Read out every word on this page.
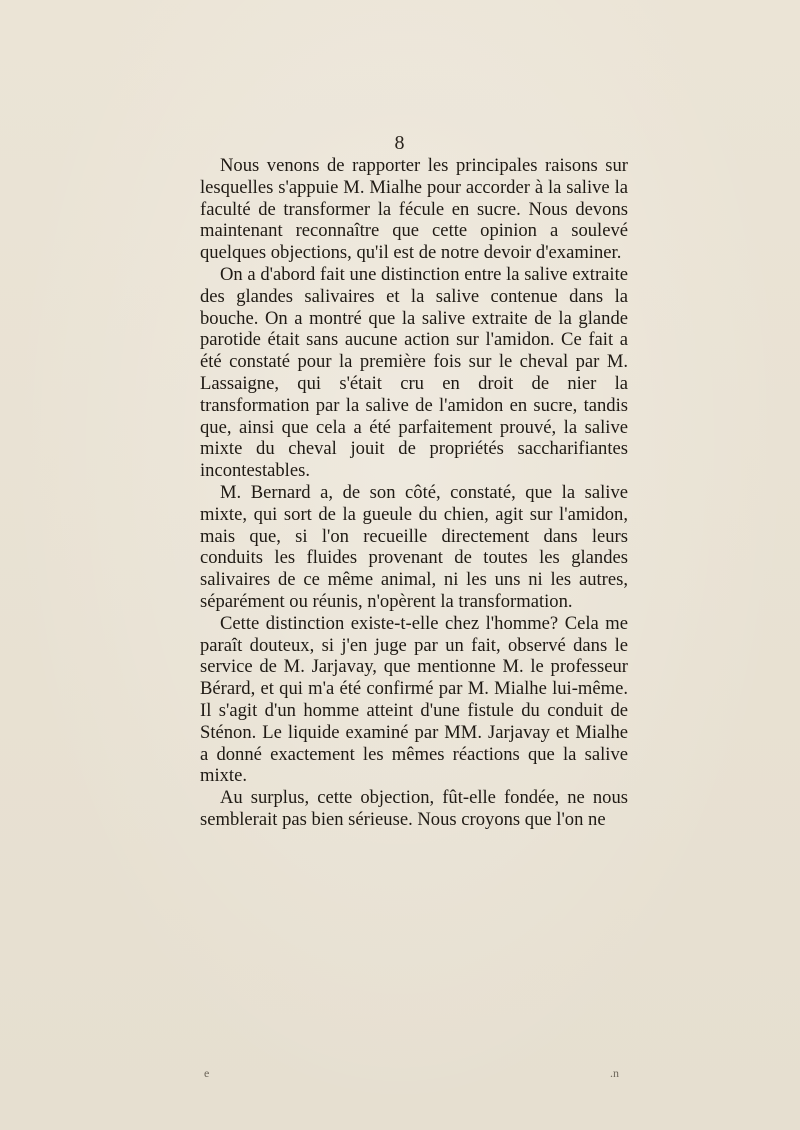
8

Nous venons de rapporter les principales raisons sur lesquelles s'appuie M. Mialhe pour accorder à la salive la faculté de transformer la fécule en sucre. Nous devons maintenant reconnaître que cette opinion a soulevé quelques objections, qu'il est de notre devoir d'examiner.

On a d'abord fait une distinction entre la salive extraite des glandes salivaires et la salive contenue dans la bouche. On a montré que la salive extraite de la glande parotide était sans aucune action sur l'amidon. Ce fait a été constaté pour la première fois sur le cheval par M. Lassaigne, qui s'était cru en droit de nier la transformation par la salive de l'amidon en sucre, tandis que, ainsi que cela a été parfaitement prouvé, la salive mixte du cheval jouit de propriétés saccharifiantes incontestables.

M. Bernard a, de son côté, constaté, que la salive mixte, qui sort de la gueule du chien, agit sur l'amidon, mais que, si l'on recueille directement dans leurs conduits les fluides provenant de toutes les glandes salivaires de ce même animal, ni les uns ni les autres, séparément ou réunis, n'opèrent la transformation.

Cette distinction existe-t-elle chez l'homme? Cela me paraît douteux, si j'en juge par un fait, observé dans le service de M. Jarjavay, que mentionne M. le professeur Bérard, et qui m'a été confirmé par M. Mialhe lui-même. Il s'agit d'un homme atteint d'une fistule du conduit de Sténon. Le liquide examiné par MM. Jarjavay et Mialhe a donné exactement les mêmes réactions que la salive mixte.

Au surplus, cette objection, fût-elle fondée, ne nous semblerait pas bien sérieuse. Nous croyons que l'on ne

e	.n
